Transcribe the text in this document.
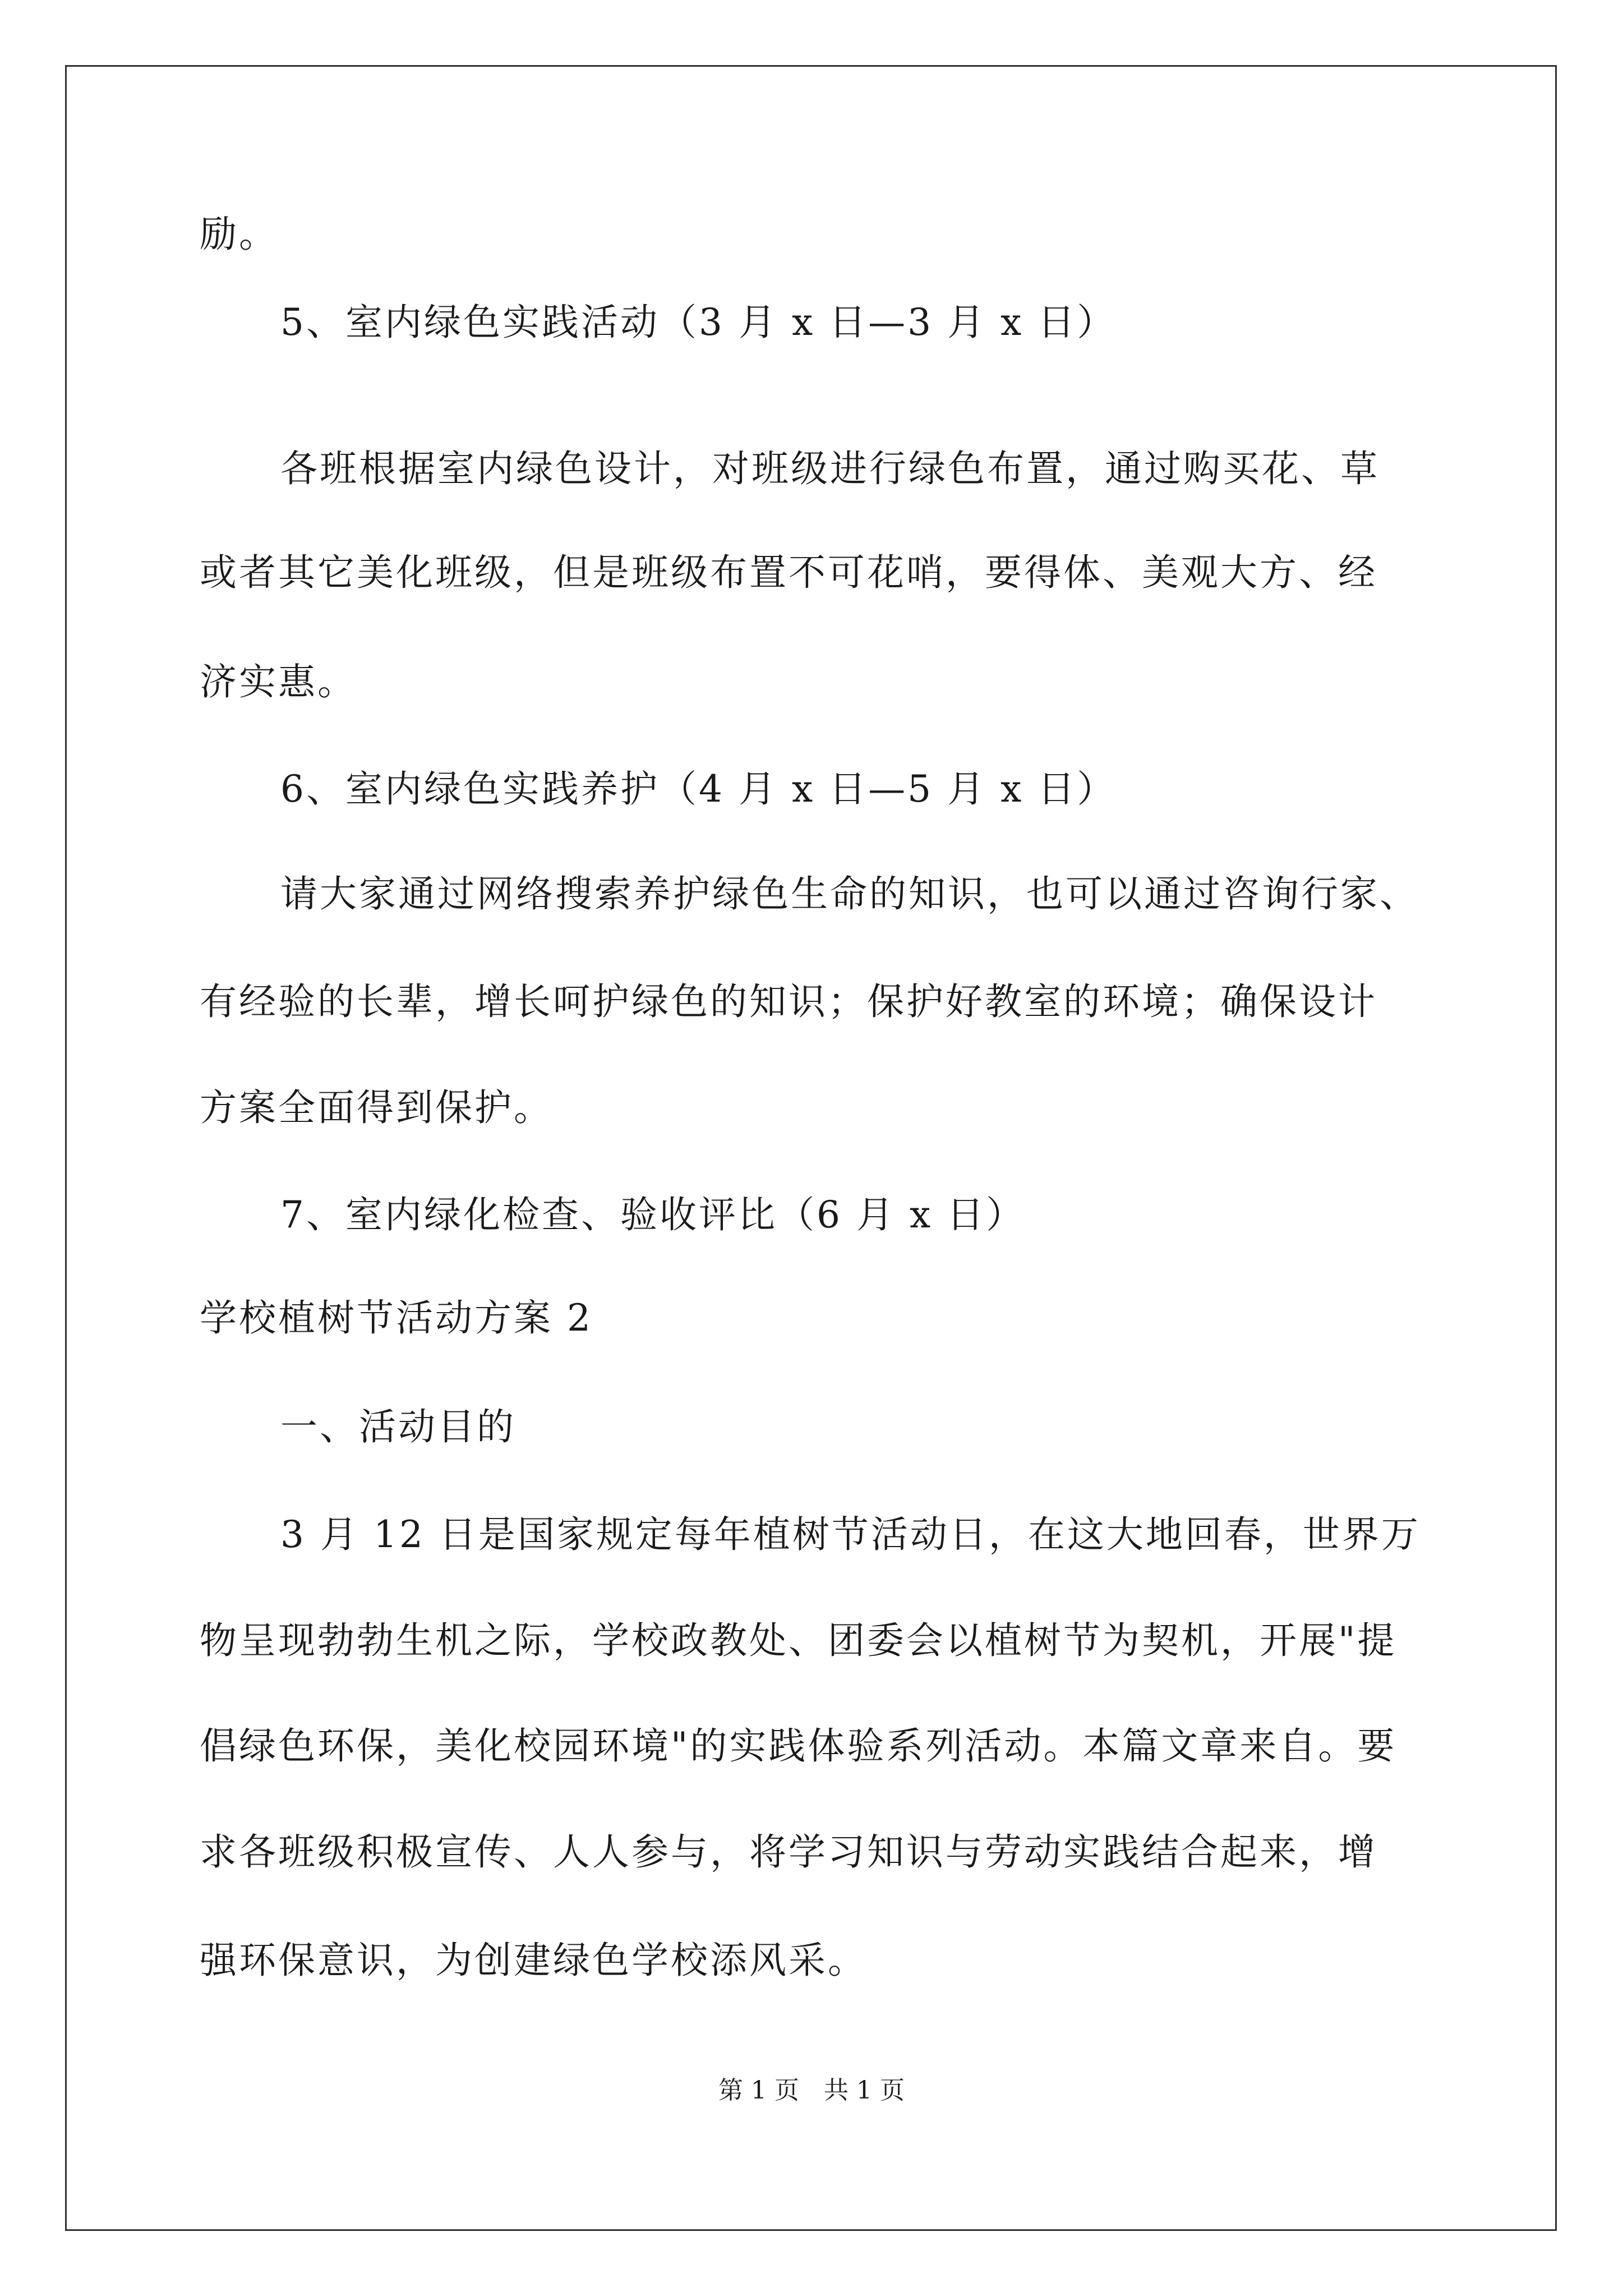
励。
5、室内绿色实践活动（3 月 x 日—3 月 x 日）
各班根据室内绿色设计，对班级进行绿色布置，通过购买花、草
或者其它美化班级，但是班级布置不可花哨，要得体、美观大方、经
济实惠。
6、室内绿色实践养护（4 月 x 日—5 月 x 日）
请大家通过网络搜索养护绿色生命的知识，也可以通过咨询行家、
有经验的长辈，增长呵护绿色的知识；保护好教室的环境；确保设计
方案全面得到保护。
7、室内绿化检查、验收评比（6 月 x 日）
学校植树节活动方案 2
一、活动目的
3 月 12 日是国家规定每年植树节活动日，在这大地回春，世界万
物呈现勃勃生机之际，学校政教处、团委会以植树节为契机，开展"提
倡绿色环保，美化校园环境"的实践体验系列活动。本篇文章来自。要
求各班级积极宣传、人人参与，将学习知识与劳动实践结合起来，增
强环保意识，为创建绿色学校添风采。
第 1 页　共 1 页
